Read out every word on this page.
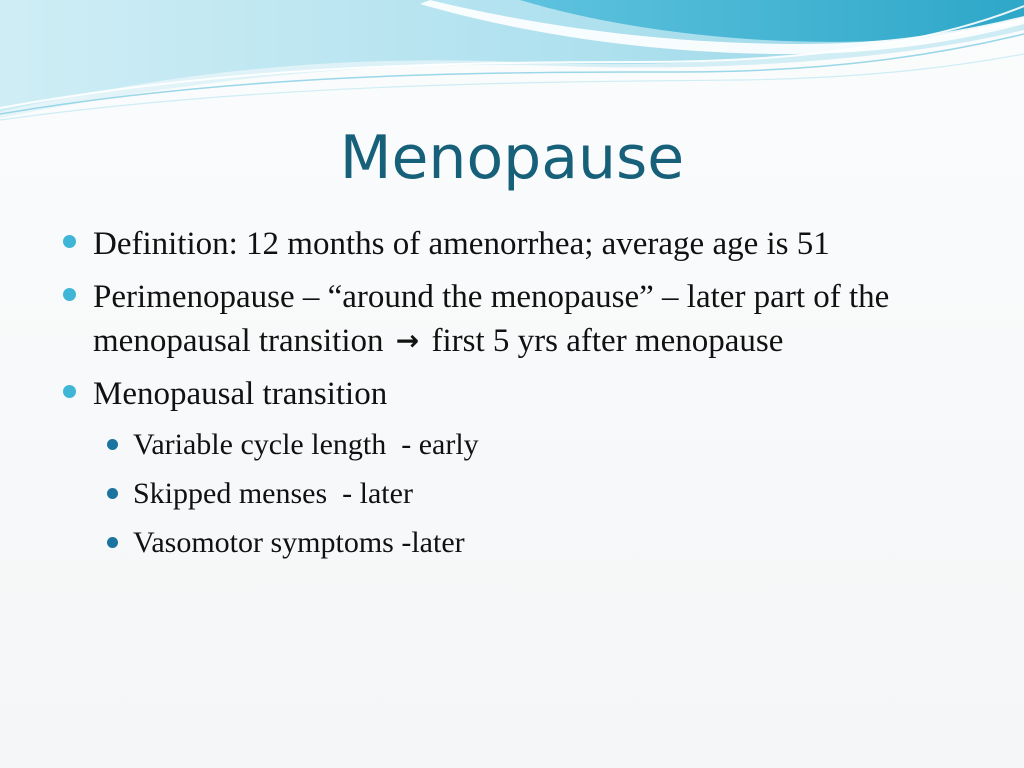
Menopause
Definition: 12 months of amenorrhea; average age is 51
Perimenopause – “around the menopause” – later part of the menopausal transition → first 5 yrs after menopause
Menopausal transition
Variable cycle length  - early
Skipped menses  - later
Vasomotor symptoms -later
